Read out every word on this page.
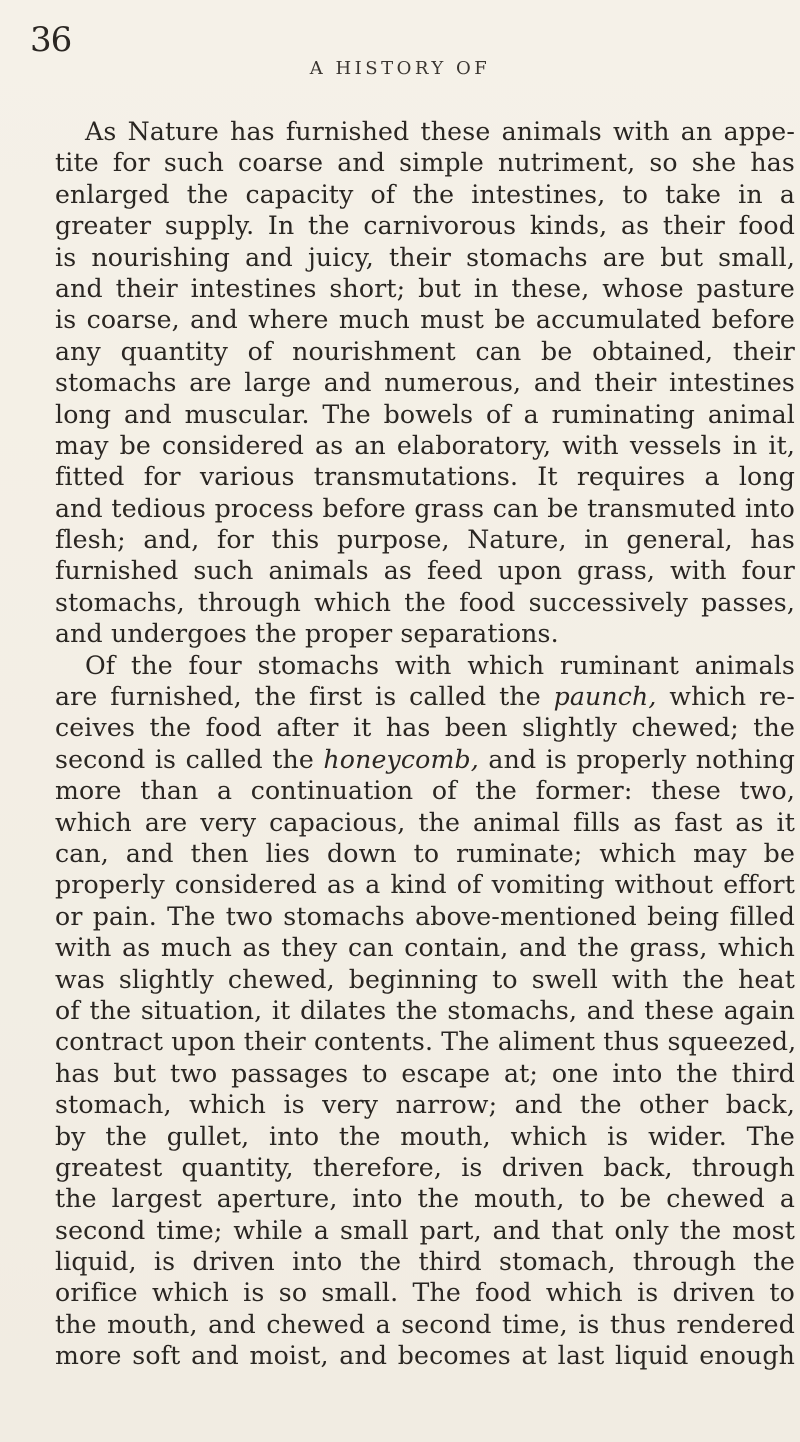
36
A HISTORY OF
As Nature has furnished these animals with an appe-
tite for such coarse and simple nutriment, so she has
enlarged the capacity of the intestines, to take in a
greater supply. In the carnivorous kinds, as their food
is nourishing and juicy, their stomachs are but small,
and their intestines short; but in these, whose pasture
is coarse, and where much must be accumulated before
any quantity of nourishment can be obtained, their
stomachs are large and numerous, and their intestines
long and muscular. The bowels of a ruminating animal
may be considered as an elaboratory, with vessels in it,
fitted for various transmutations. It requires a long
and tedious process before grass can be transmuted into
flesh; and, for this purpose, Nature, in general, has
furnished such animals as feed upon grass, with four
stomachs, through which the food successively passes,
and undergoes the proper separations.
Of the four stomachs with which ruminant animals
are furnished, the first is called the paunch, which re-
ceives the food after it has been slightly chewed; the
second is called the honeycomb, and is properly nothing
more than a continuation of the former: these two,
which are very capacious, the animal fills as fast as it
can, and then lies down to ruminate; which may be
properly considered as a kind of vomiting without effort
or pain. The two stomachs above-mentioned being filled
with as much as they can contain, and the grass, which
was slightly chewed, beginning to swell with the heat
of the situation, it dilates the stomachs, and these again
contract upon their contents. The aliment thus squeezed,
has but two passages to escape at; one into the third
stomach, which is very narrow; and the other back,
by the gullet, into the mouth, which is wider. The
greatest quantity, therefore, is driven back, through
the largest aperture, into the mouth, to be chewed a
second time; while a small part, and that only the most
liquid, is driven into the third stomach, through the
orifice which is so small. The food which is driven to
the mouth, and chewed a second time, is thus rendered
more soft and moist, and becomes at last liquid enough
